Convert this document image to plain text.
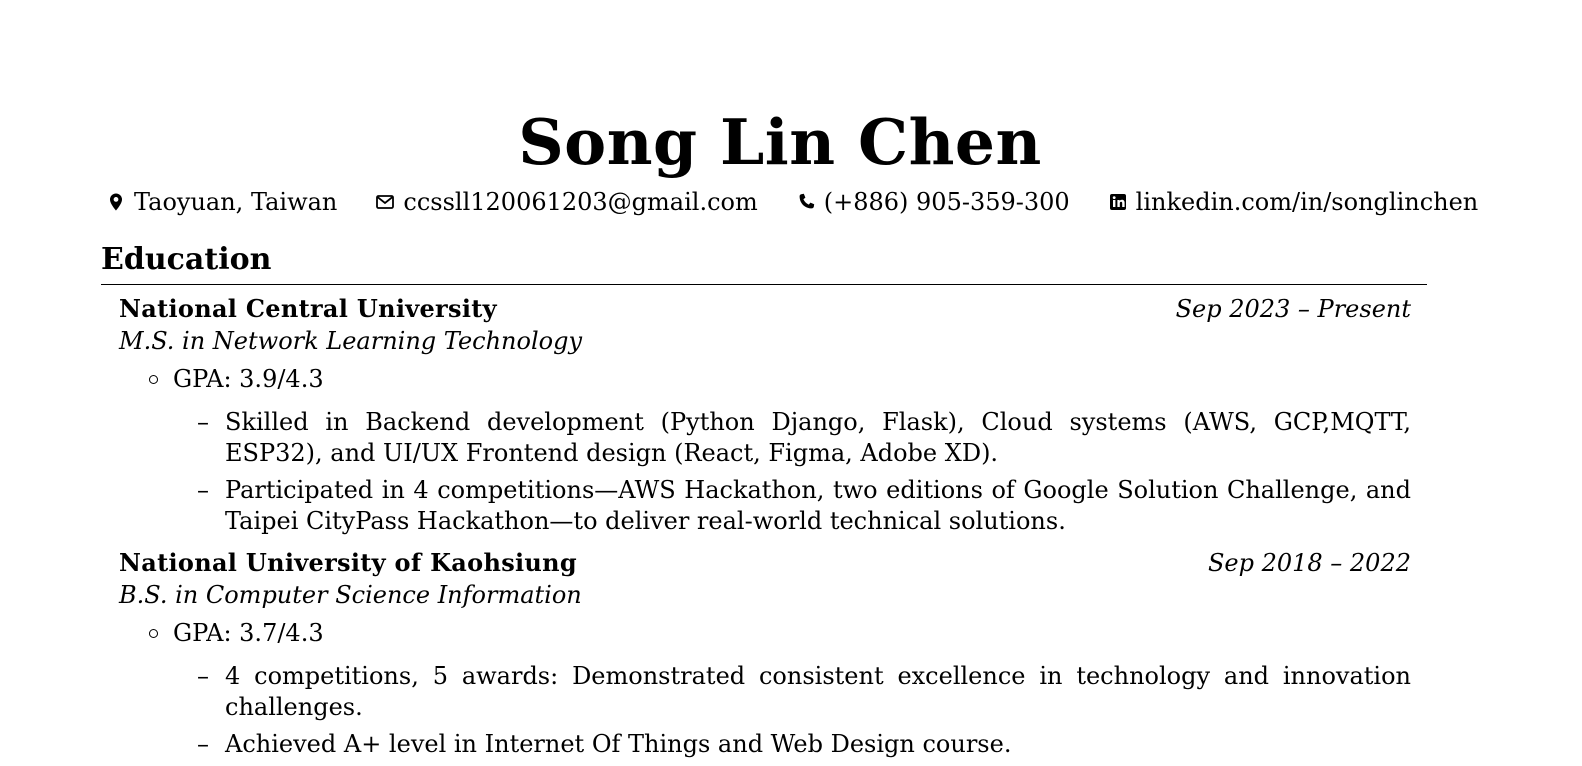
Song Lin Chen
Taoyuan, Taiwan	ccssll120061203@gmail.com	(+886) 905-359-300	linkedin.com/in/songlinchen
Education
National Central University	Sep 2023 – Present
M.S. in Network Learning Technology
GPA: 3.9/4.3
– Skilled in Backend development (Python Django, Flask), Cloud systems (AWS, GCP,MQTT, ESP32), and UI/UX Frontend design (React, Figma, Adobe XD).
– Participated in 4 competitions—AWS Hackathon, two editions of Google Solution Challenge, and Taipei CityPass Hackathon—to deliver real-world technical solutions.
National University of Kaohsiung	Sep 2018 – 2022
B.S. in Computer Science Information
GPA: 3.7/4.3
– 4 competitions, 5 awards: Demonstrated consistent excellence in technology and innovation challenges.
– Achieved A+ level in Internet Of Things and Web Design course.
